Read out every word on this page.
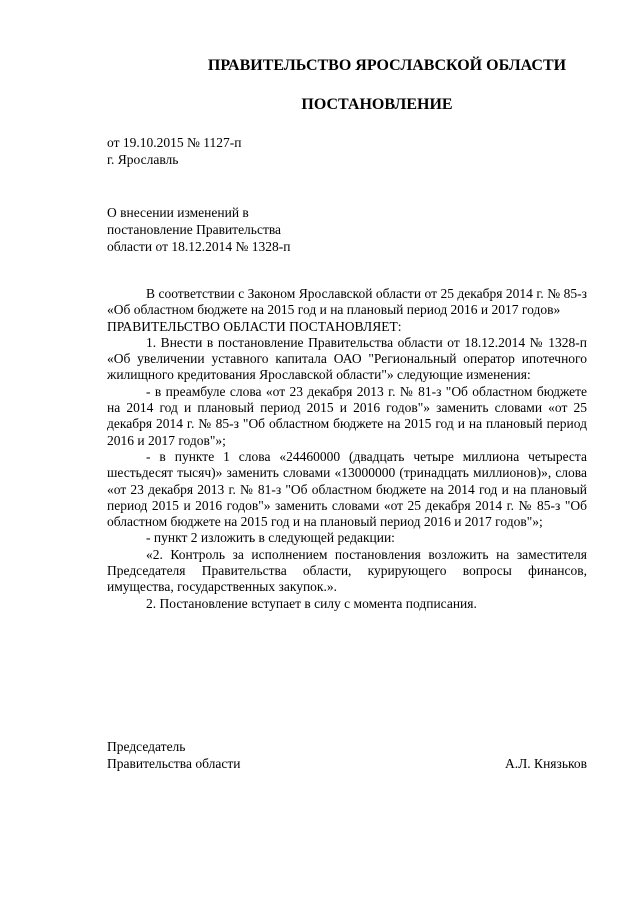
ПРАВИТЕЛЬСТВО ЯРОСЛАВСКОЙ ОБЛАСТИ
ПОСТАНОВЛЕНИЕ
от 19.10.2015 № 1127-п
г. Ярославль
О внесении изменений в
постановление Правительства
области от 18.12.2014 № 1328-п

В соответствии с Законом Ярославской области от 25 декабря 2014 г. № 85-з «Об областном бюджете на 2015 год и на плановый период 2016 и 2017 годов»

ПРАВИТЕЛЬСТВО ОБЛАСТИ ПОСТАНОВЛЯЕТ:

1. Внести в постановление Правительства области от 18.12.2014 № 1328-п «Об увеличении уставного капитала ОАО "Региональный оператор ипотечного жилищного кредитования Ярославской области"» следующие изменения:

- в преамбуле слова «от 23 декабря 2013 г. № 81-з "Об областном бюджете на 2014 год и плановый период 2015 и 2016 годов"» заменить словами «от 25 декабря 2014 г. № 85-з "Об областном бюджете на 2015 год и на плановый период 2016 и 2017 годов"»;

- в пункте 1 слова «24460000 (двадцать четыре миллиона четыреста шестьдесят тысяч)» заменить словами «13000000 (тринадцать миллионов)», слова «от 23 декабря 2013 г. № 81-з "Об областном бюджете на 2014 год и на плановый период 2015 и 2016 годов"» заменить словами «от 25 декабря 2014 г. № 85-з "Об областном бюджете на 2015 год и на плановый период 2016 и 2017 годов"»;

- пункт 2 изложить в следующей редакции:

«2. Контроль за исполнением постановления возложить на заместителя Председателя Правительства области, курирующего вопросы финансов, имущества, государственных закупок.».

2. Постановление вступает в силу с момента подписания.

Председатель
Правительства области	А.Л. Князьков
